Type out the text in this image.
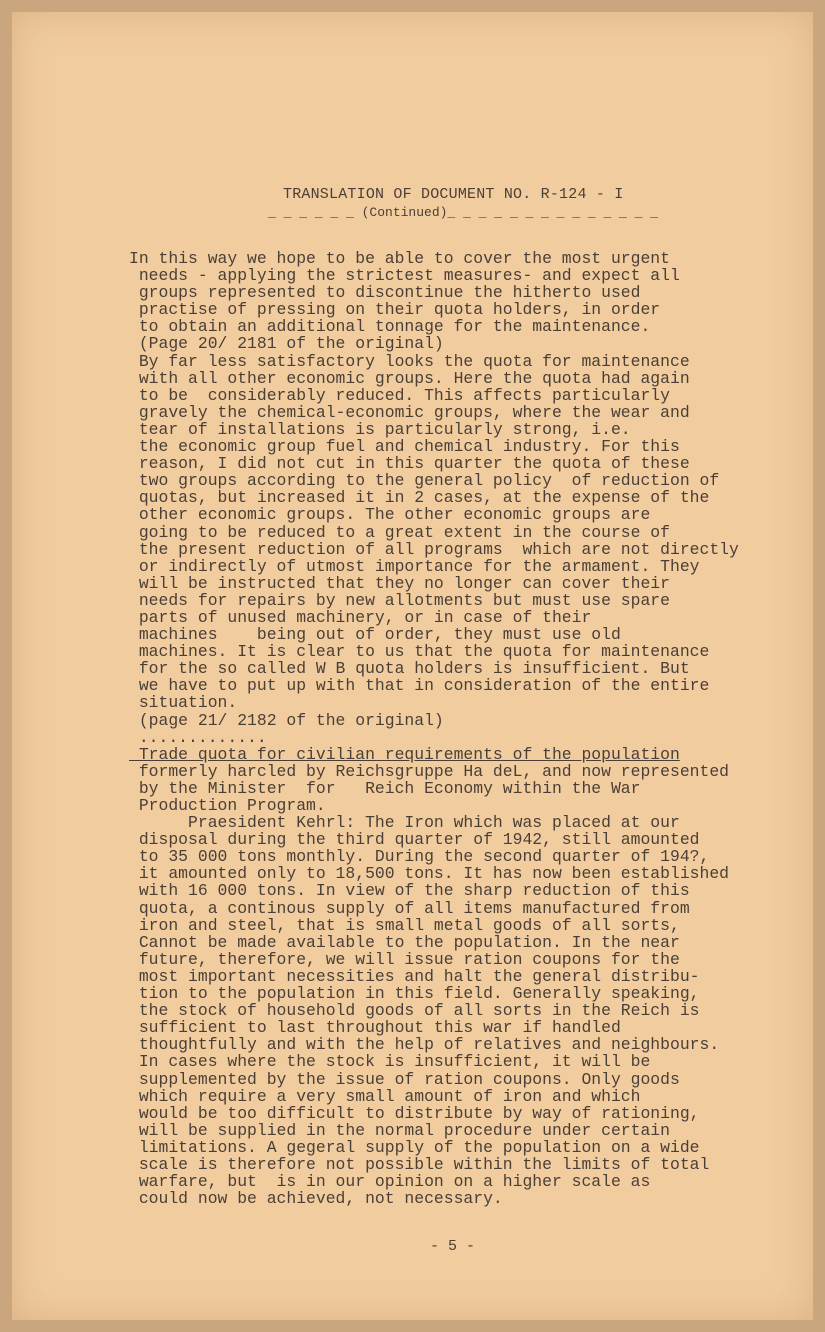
TRANSLATION OF DOCUMENT NO. R-124 - I
_ _ _ _ _ _ (Continued)_ _ _ _ _ _ _ _ _ _ _ _ _ _
In this way we hope to be able to cover the most urgent
needs - applying the strictest measures- and expect all
groups represented to discontinue the hitherto used
practise of pressing on their quota holders, in order
to obtain an additional tonnage for the maintenance.
(Page 20/ 2181 of the original)
By far less satisfactory looks the quota for maintenance
with all other economic groups. Here the quota had again
to be  considerably reduced. This affects particularly
gravely the chemical-economic groups, where the wear and
tear of installations is particularly strong, i.e.
the economic group fuel and chemical industry. For this
reason, I did not cut in this quarter the quota of these
two groups according to the general policy  of reduction of
quotas, but increased it in 2 cases, at the expense of the
other economic groups. The other economic groups are
going to be reduced to a great extent in the course of
the present reduction of all programs  which are not directly
or indirectly of utmost importance for the armament. They
will be instructed that they no longer can cover their
needs for repairs by new allotments but must use spare
parts of unused machinery, or in case of their
machines    being out of order, they must use old
machines. It is clear to us that the quota for maintenance
for the so called W B quota holders is insufficient. But
we have to put up with that in consideration of the entire
situation.
(page 21/ 2182 of the original)
.............
Trade quota for civilian requirements of the population
formerly harcled by Reichsgruppe Ha deL, and now represented
by the Minister  for   Reich Economy within the War
Production Program.
Praesident Kehrl: The Iron which was placed at our
disposal during the third quarter of 1942, still amounted
to 35 000 tons monthly. During the second quarter of 194?,
it amounted only to 18,500 tons. It has now been established
with 16 000 tons. In view of the sharp reduction of this
quota, a continous supply of all items manufactured from
iron and steel, that is small metal goods of all sorts,
Cannot be made available to the population. In the near
future, therefore, we will issue ration coupons for the
most important necessities and halt the general distribu-
tion to the population in this field. Generally speaking,
the stock of household goods of all sorts in the Reich is
sufficient to last throughout this war if handled
thoughtfully and with the help of relatives and neighbours.
In cases where the stock is insufficient, it will be
supplemented by the issue of ration coupons. Only goods
which require a very small amount of iron and which
would be too difficult to distribute by way of rationing,
will be supplied in the normal procedure under certain
limitations. A gegeral supply of the population on a wide
scale is therefore not possible within the limits of total
warfare, but  is in our opinion on a higher scale as
could now be achieved, not necessary.
- 5 -
